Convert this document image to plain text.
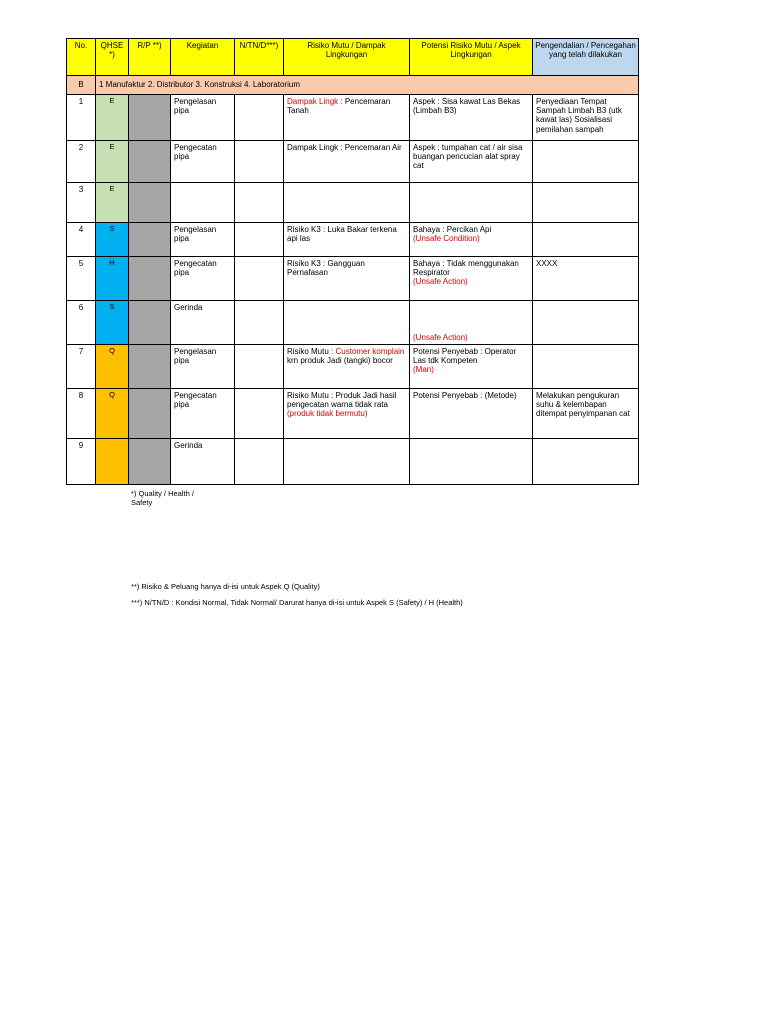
No.	QHSE *)	R/P **)	Kegiatan	N/TN/D***)	Risiko Mutu / Dampak Lingkungan	Potensi Risiko Mutu / Aspek Lingkungan	Pengendalian / Pencegahan yang telah dilakukan
B	1 Manufaktur 2. Distributor 3. Konstruksi 4. Laboratorium						
1	E		Pengelasan pipa		Dampak Lingk : Pencemaran Tanah	Aspek : Sisa kawat Las Bekas (Limbah B3)	Penyediaan Tempat Sampah Limbah B3 (utk kawat las) Sosialisasi pemilahan sampah
2	E		Pengecatan pipa		Dampak Lingk : Pencemaran Air	Aspek : tumpahan cat / air sisa buangan pencucian alat spray cat	

3	E					

4	S		Pengelasan pipa		Risiko K3 : Luka Bakar terkena api las	Bahaya : Percikan Api
(Unsafe Condition)	

5	H		Pengecatan pipa		Risiko K3 : Gangguan Pernafasan	Bahaya : Tidak menggunakan Respirator
(Unsafe Action)	XXXX
6	S		Gerinda			(Unsafe Action)	

7	Q		Pengelasan pipa		Risiko Mutu : Customer komplain krn produk Jadi (tangki) bocor	Potensi Penyebab : Operator Las tdk Kompeten
(Man)	

8	Q		Pengecatan pipa		Risiko Mutu : Produk Jadi hasil pengecatan warna tidak rata (produk tidak bermutu)	Potensi Penyebab : (Metode)	Melakukan pengukuran suhu & kelembapan ditempat penyimpanan cat
9			Gerinda			

*) Quality / Health / Safety
**) Risiko & Peluang hanya di-isi untuk Aspek Q (Quality)
***) N/TN/D : Kondisi Normal, Tidak Normal/ Darurat hanya di-isi untuk Aspek S (Safety) / H (Health)
